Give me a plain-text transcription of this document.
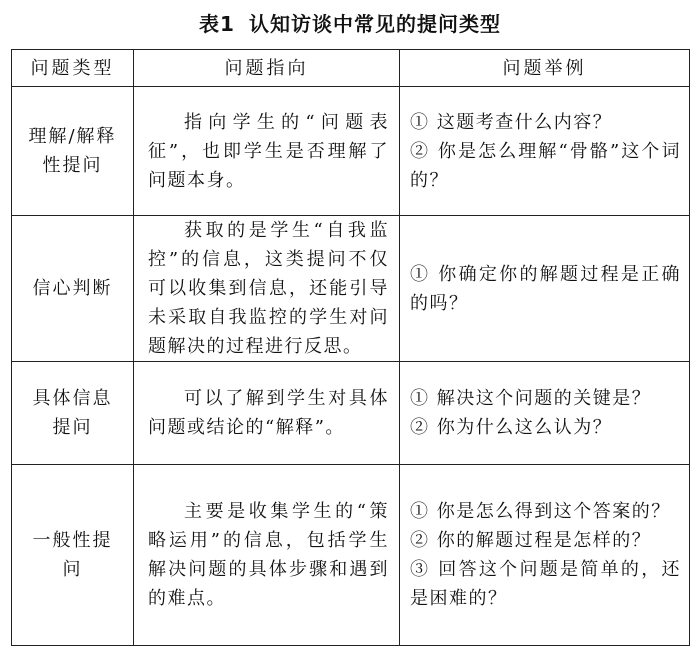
表1 认知访谈中常见的提问类型
问题类型	问题指向	问题举例
理解/解释性提问	指向学生的“问题表征”，也即学生是否理解了问题本身。	① 这题考查什么内容？
② 你是怎么理解“骨骼”这个词的？

信心判断	获取的是学生“自我监控”的信息，这类提问不仅可以收集到信息，还能引导未采取自我监控的学生对问题解决的过程进行反思。	① 你确定你的解题过程是正确的吗？

具体信息提问	可以了解到学生对具体问题或结论的“解释”。	① 解决这个问题的关键是？
② 你为什么这么认为？

一般性提问	主要是收集学生的“策略运用”的信息，包括学生解决问题的具体步骤和遇到的难点。	① 你是怎么得到这个答案的？
② 你的解题过程是怎样的？
③ 回答这个问题是简单的，还是困难的？
